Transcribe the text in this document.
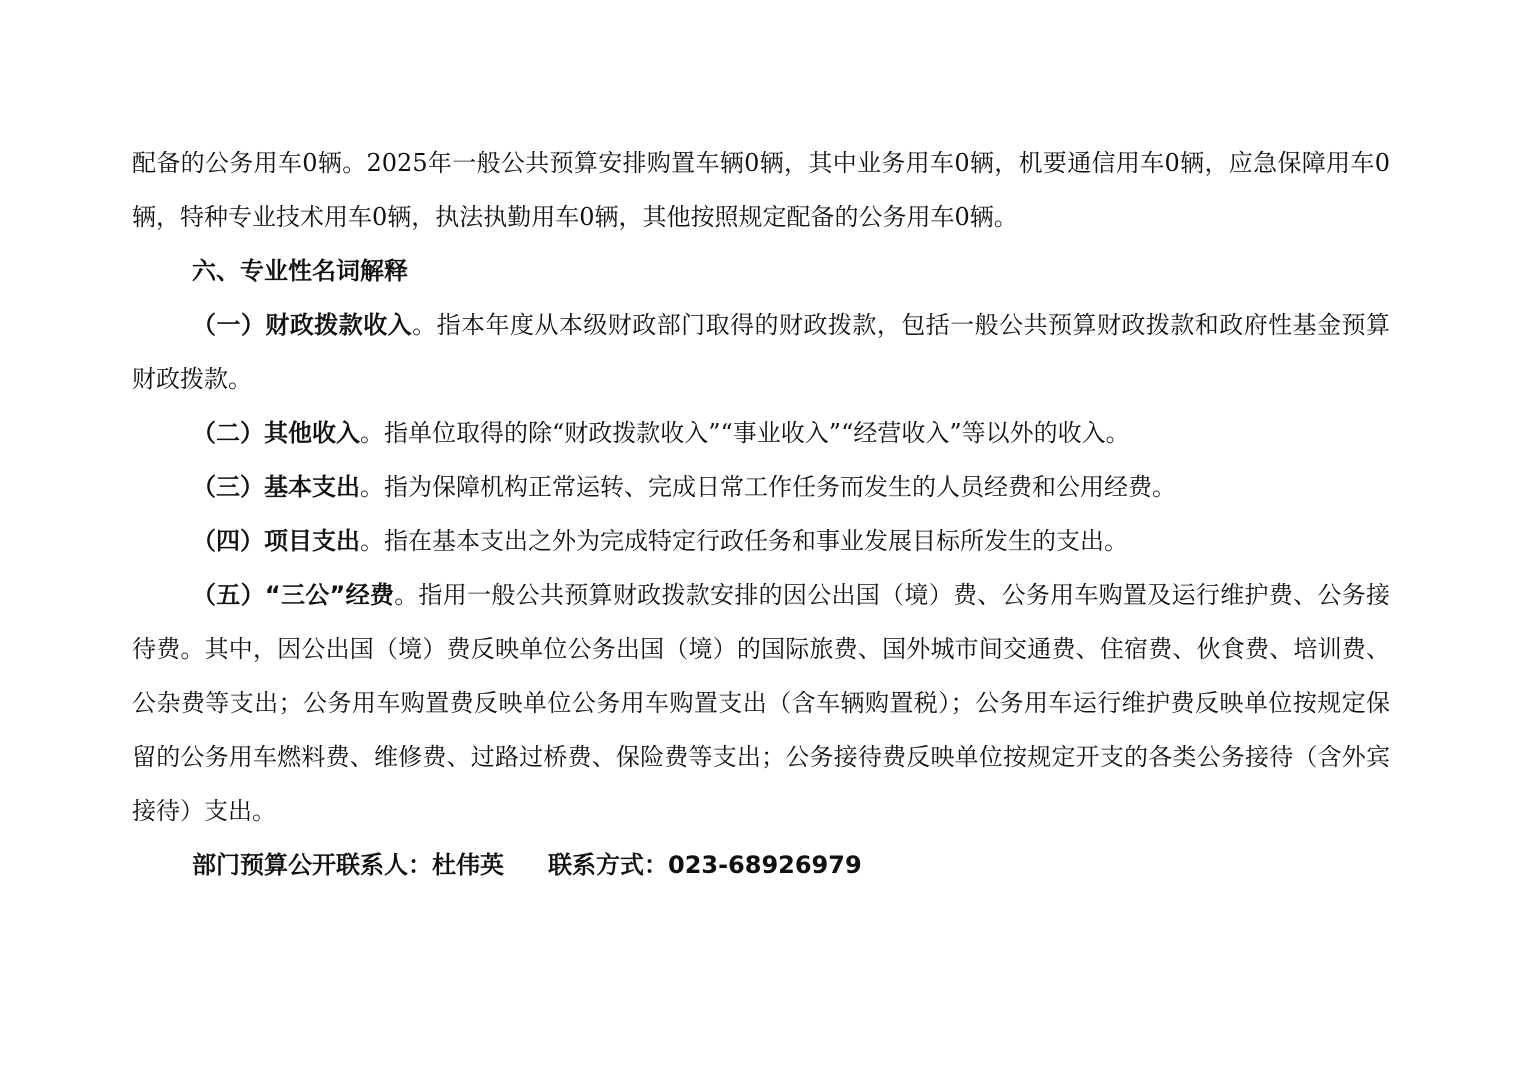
配备的公务用车0辆。2025年一般公共预算安排购置车辆0辆，其中业务用车0辆，机要通信用车0辆，应急保障用车0辆，特种专业技术用车0辆，执法执勤用车0辆，其他按照规定配备的公务用车0辆。

六、专业性名词解释

（一）财政拨款收入。指本年度从本级财政部门取得的财政拨款，包括一般公共预算财政拨款和政府性基金预算财政拨款。

（二）其他收入。指单位取得的除“财政拨款收入”“事业收入”“经营收入”等以外的收入。

（三）基本支出。指为保障机构正常运转、完成日常工作任务而发生的人员经费和公用经费。

（四）项目支出。指在基本支出之外为完成特定行政任务和事业发展目标所发生的支出。

（五）“三公”经费。指用一般公共预算财政拨款安排的因公出国（境）费、公务用车购置及运行维护费、公务接待费。其中，因公出国（境）费反映单位公务出国（境）的国际旅费、国外城市间交通费、住宿费、伙食费、培训费、公杂费等支出；公务用车购置费反映单位公务用车购置支出（含车辆购置税）；公务用车运行维护费反映单位按规定保留的公务用车燃料费、维修费、过路过桥费、保险费等支出；公务接待费反映单位按规定开支的各类公务接待（含外宾接待）支出。

部门预算公开联系人：杜伟英 联系方式：023-68926979
